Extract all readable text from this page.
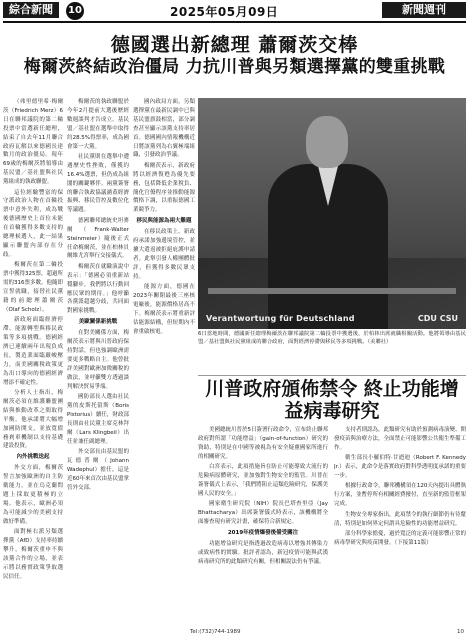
綜合新聞	10	2025年05月09日	新聞週刊
德國選出新總理 蕭爾茨交棒
梅爾茨終結政治僵局 力抗川普與另類選擇黨的雙重挑戰

（弗里德里希·梅爾茨（Friedrich Merz）6日在聯邦議院的第二輪投票中當選新任總理，結束了自去年11月聯合政府瓦解以來德國長達數月的政治僵局。現年69歲的梅爾茨將領導由基民盟／基社盟與社民黨組成的執政聯盟。

這位經驗豐富的保守派政治人物在首輪投票中意外失利，成為戰後德國歷史上首位未能在首輪獲得多數支持的總理候選人，此一結果顯示聯盟內部存在分歧。

梅爾茨在第二輪投票中獲得325票，超過所需的316票多數。他隨即宣誓就職，接替社民黨籍的前總理蕭爾茨（Olaf Scholz）。

新政府面臨經濟停滯、能源轉型與移民政策等多項挑戰。德國經濟已連續兩年出現負成長，製造業面臨嚴峻壓力，而美國關稅政策更為出口導向的德國經濟增添不確定性。

分析人士指出，梅爾茨必須在維護聯盟團結與推動改革之間取得平衡。他承諾將大幅增加國防開支，並放寬債務剎車機制以支持基礎建設投資。

內外挑戰迭起

外交方面，梅爾茨誓言加強歐洲的自主防衛能力，並在烏克蘭問題上採取更積極的立場。他表示，歐洲必須為可能減少的美國支持做好準備。

面對極右派另類選擇黨（AfD）支持率持續攀升，梅爾茨重申不與該黨合作的立場，並表示將以務實政策爭取選民信任。

梅爾茨的執政聯盟於今年2月提前大選後歷經數週談判才告成立。基民盟／基社盟在選舉中取得約28.5%得票率，成為國會第一大黨。

社民黨則在選舉中遭遇歷史性挫敗，僅獲約16.4%選票，但仍成為組閣的關鍵夥伴。兩黨簽署的聯合執政協議涵蓋經濟振興、移民管控及數位化等議題。

德國聯邦總統史坦麥爾（Frank-Walter Steinmeier）隨後正式任命梅爾茨，並在柏林貝爾維尤宮舉行交接儀式。

梅爾茨在就職演說中表示：「德國必須重新站穩腳步，我們將以行動回應民眾的期待。」他呼籲各黨派超越分歧，共同面對國家挑戰。

美歐關係新挑戰

在對美關係方面，梅爾茨表示將與川普政府保持對話，但也強調歐洲需要更多戰略自主。他曾批評美國對歐洲加徵關稅的做法，並呼籲雙方透過談判解決貿易爭端。

國防部長人選由社民黨的皮斯托留斯（Boris Pistorius）續任，財政部長則由社民黨主席克林拜爾（Lars Klingbeil）出任並兼任副總理。

外交部長由基民盟的瓦德普爾（Johann Wadephul）擔任，這是近60年來首次由基民盟掌管外交部。

國內政局方面，另類選擇黨在最新民調中已與基民盟旗鼓相當，部分調查甚至顯示該黨支持率居首。德國國內情報機構近日將該黨列為右翼極端組織，引發政治爭議。

梅爾茨表示，新政府將以經濟復甦為優先要務，包括降低企業稅負、簡化官僚程序並推動能源價格下調，以重振德國工業競爭力。

移民與能源為兩大難題

在移民政策上，新政府承諾加強邊境管控，並擴大遣返被拒絕庇護申請者。此舉引發人權團體批評，但獲得多數民眾支持。

能源方面，德國在2023年關閉最後三座核電廠後，能源價格居高不下。梅爾茨表示將重新評估能源結構，但短期內不會重啟核電。

Verantwortung für Deutschland	CDU CSU
6日當地時間，德國新任總理梅爾茨在聯邦議院第二輪投票中獲選後，於柏林出席就職相關活動。他將領導由基民盟／基社盟與社民黨組成的聯合政府，面對經濟停滯與移民等多項挑戰。（美聯社）
川普政府頒佈禁令 終止功能增益病毒研究

美國總統川普於5日簽署行政命令，宣布終止聯邦政府對所謂「功能增益」（gain-of-function）研究的資助，特別是在中國等被視為有安全疑慮國家所進行的相關研究。

白宮表示，此項措施旨在防止可能導致大流行的危險病原體研究，並加強對生物安全的監管。川普在簽署儀式上表示，「我們將阻止這類危險研究，保護美國人民的安全。」

國家衛生研究院（NIH）院長巴塔查里亞（Jay Bhattacharya）出席簽署儀式時表示，該機構將全面審查現有研究計畫，確保符合新規定。

2019年疫情爆發後備受關注

功能增益研究是指透過改造病毒以增強其傳染力或致病性的實驗。批評者認為，新冠疫情可能與武漢病毒研究所的此類研究有關，但相關說法仍有爭議。

支持者則認為，此類研究有助於預測病毒演變、開發疫苗與治療方法，全面禁止可能影響公共衛生準備工作。

衛生部長小羅伯特·甘迺迪（Robert F. Kennedy Jr.）表示，此命令是落實政府對科學透明度承諾的重要一步。

根據行政命令，聯邦機構須在120天內提出具體執行方案，並暫停所有相關經費撥付，直至新的監管框架完成。

生物安全專家指出，此項禁令的執行細節仍有待釐清，特別是如何界定何謂具危險性的功能增益研究。

部分科學家擔憂，過於寬泛的定義可能影響正常的病毒學研究與疫苗開發。（下接第11版）

Tel:(732)744-1989	10
